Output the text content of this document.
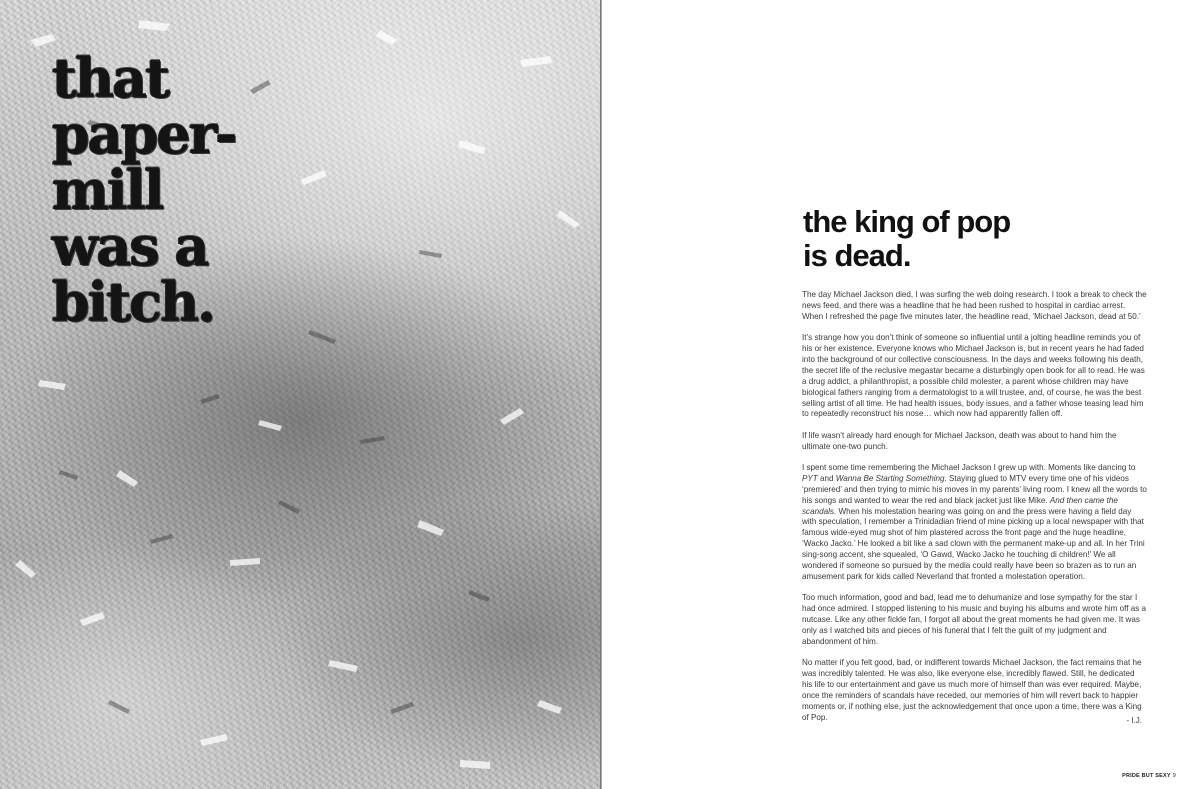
that
paper-
mill
was a
bitch.
the king of pop
is dead.

The day Michael Jackson died, I was surfing the web doing research. I took a break to check the news feed, and there was a headline that he had been rushed to hospital in cardiac arrest. When I refreshed the page five minutes later, the headline read, ‘Michael Jackson, dead at 50.’

It’s strange how you don’t think of someone so influential until a jolting headline reminds you of his or her existence. Everyone knows who Michael Jackson is, but in recent years he had faded into the background of our collective consciousness. In the days and weeks following his death, the secret life of the reclusive megastar became a disturbingly open book for all to read. He was a drug addict, a philanthropist, a possible child molester, a parent whose children may have biological fathers ranging from a dermatologist to a will trustee, and, of course, he was the best selling artist of all time. He had health issues, body issues, and a father whose teasing lead him to repeatedly reconstruct his nose… which now had apparently fallen off.

If life wasn’t already hard enough for Michael Jackson, death was about to hand him the ultimate one-two punch.

I spent some time remembering the Michael Jackson I grew up with. Moments like dancing to PYT and Wanna Be Starting Something. Staying glued to MTV every time one of his videos ‘premiered’ and then trying to mimic his moves in my parents’ living room. I knew all the words to his songs and wanted to wear the red and black jacket just like Mike. And then came the scandals. When his molestation hearing was going on and the press were having a field day with speculation, I remember a Trinidadian friend of mine picking up a local newspaper with that famous wide-eyed mug shot of him plastered across the front page and the huge headline, ‘Wacko Jacko.’ He looked a bit like a sad clown with the permanent make-up and all. In her Trini sing-song accent, she squealed, ‘O Gawd, Wacko Jacko he touching di children!’ We all wondered if someone so pursued by the media could really have been so brazen as to run an amusement park for kids called Neverland that fronted a molestation operation.

Too much information, good and bad, lead me to dehumanize and lose sympathy for the star I had once admired. I stopped listening to his music and buying his albums and wrote him off as a nutcase. Like any other fickle fan, I forgot all about the great moments he had given me. It was only as I watched bits and pieces of his funeral that I felt the guilt of my judgment and abandonment of him.

No matter if you felt good, bad, or indifferent towards Michael Jackson, the fact remains that he was incredibly talented. He was also, like everyone else, incredibly flawed. Still, he dedicated his life to our entertainment and gave us much more of himself than was ever required. Maybe, once the reminders of scandals have receded, our memories of him will revert back to happier moments or, if nothing else, just the acknowledgement that once upon a time, there was a King of Pop.	- I.J.
PRIDE BUT SEXY 9
